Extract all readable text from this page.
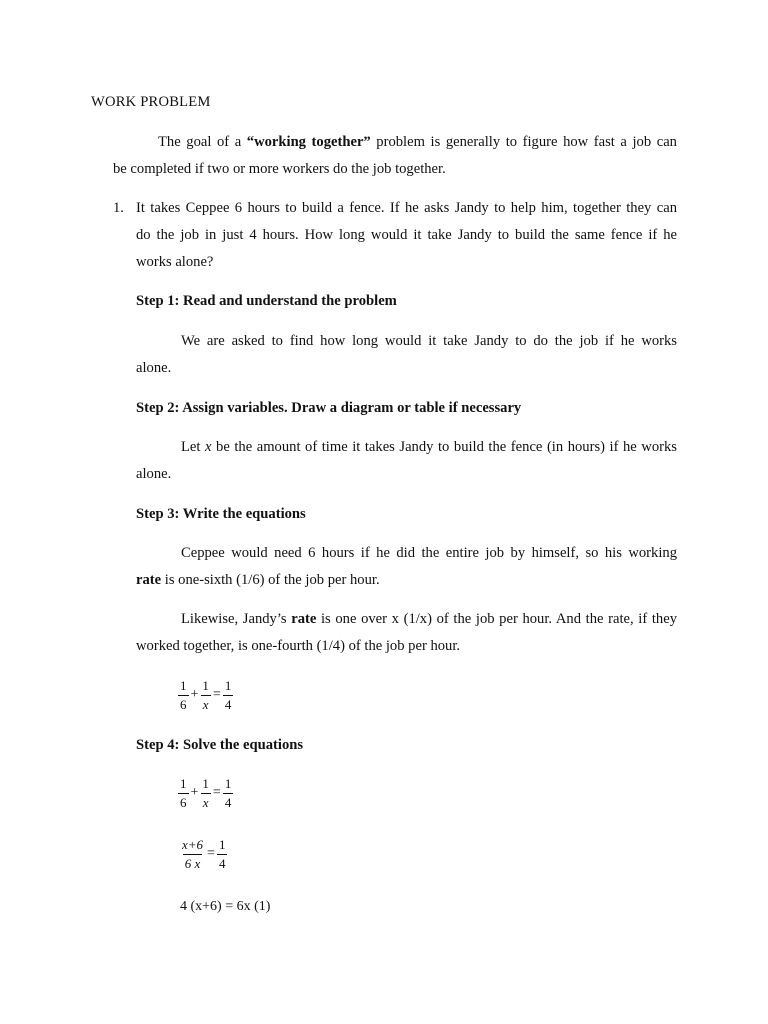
WORK PROBLEM
The goal of a “working together” problem is generally to figure how fast a job can
be completed if two or more workers do the job together.
1. It takes Ceppee 6 hours to build a fence. If he asks Jandy to help him, together they can
do the job in just 4 hours. How long would it take Jandy to build the same fence if he
works alone?
Step 1: Read and understand the problem
We are asked to find how long would it take Jandy to do the job if he works
alone.
Step 2: Assign variables. Draw a diagram or table if necessary
Let x be the amount of time it takes Jandy to build the fence (in hours) if he works
alone.
Step 3: Write the equations
Ceppee would need 6 hours if he did the entire job by himself, so his working
rate is one-sixth (1/6) of the job per hour.
Likewise, Jandy’s rate is one over x (1/x) of the job per hour. And the rate, if they
worked together, is one-fourth (1/4) of the job per hour.
$\frac{1}{6} + \frac{1}{x} = \frac{1}{4}$
Step 4: Solve the equations
$\frac{1}{6} + \frac{1}{x} = \frac{1}{4}$
$\frac{x+6}{6 x} = \frac{1}{4}$
4 (x+6) = 6x (1)
